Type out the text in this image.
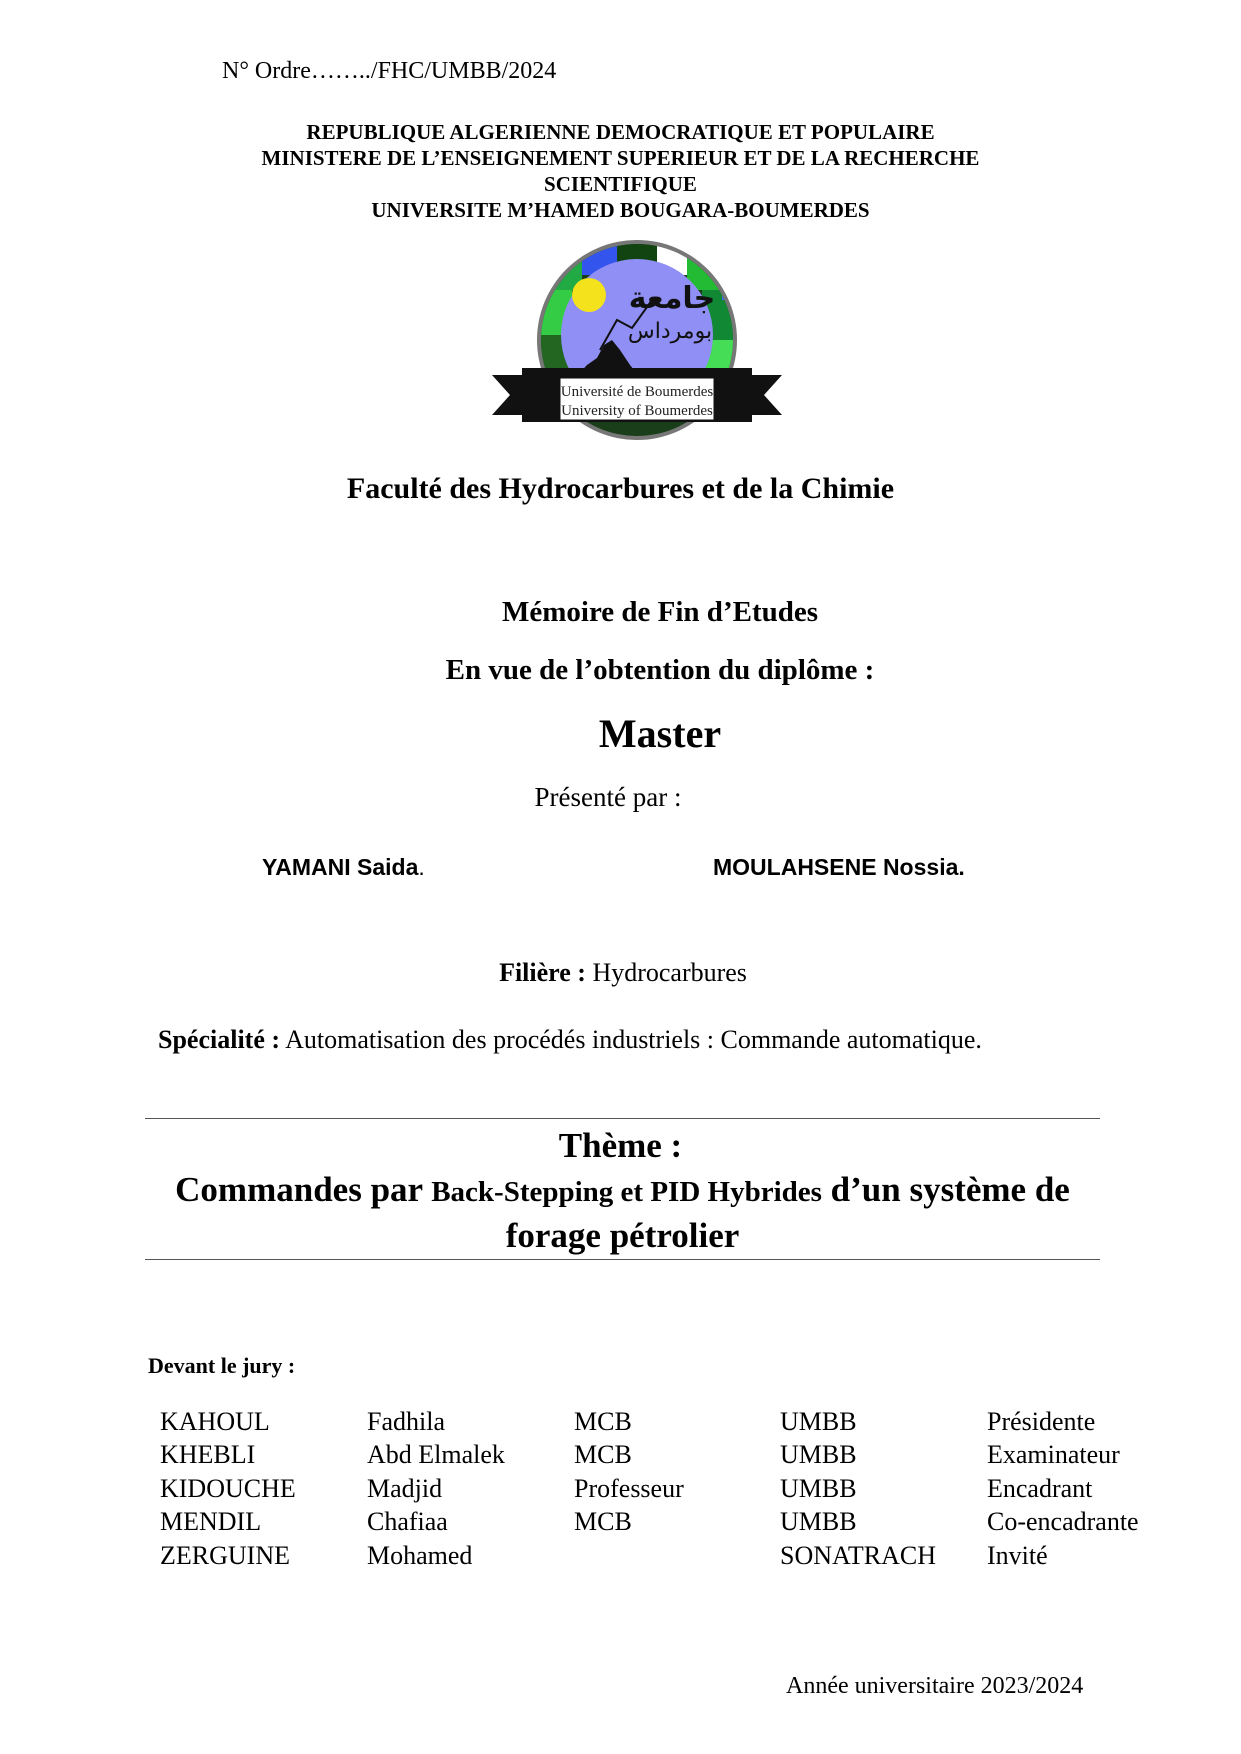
N° Ordre……../FHC/UMBB/2024
REPUBLIQUE ALGERIENNE DEMOCRATIQUE ET POPULAIRE
MINISTERE DE L’ENSEIGNEMENT SUPERIEUR ET DE LA RECHERCHE
SCIENTIFIQUE
UNIVERSITE M’HAMED BOUGARA-BOUMERDES
جامعة
بومرداس
Université de Boumerdes
University of Boumerdes
Faculté des Hydrocarbures et de la Chimie
Mémoire de Fin d’Etudes
En vue de l’obtention du diplôme :
Master
Présenté par :
YAMANI Saida.	MOULAHSENE Nossia.
Filière : Hydrocarbures
Spécialité : Automatisation des procédés industriels : Commande automatique.
Thème :
Commandes par Back-Stepping et PID Hybrides d’un système de forage pétrolier
Devant le jury :
KAHOUL	Fadhila	MCB	UMBB	Présidente
KHEBLI	Abd Elmalek	MCB	UMBB	Examinateur
KIDOUCHE	Madjid	Professeur	UMBB	Encadrant
MENDIL	Chafiaa	MCB	UMBB	Co-encadrante
ZERGUINE	Mohamed		SONATRACH	Invité
Année universitaire 2023/2024
